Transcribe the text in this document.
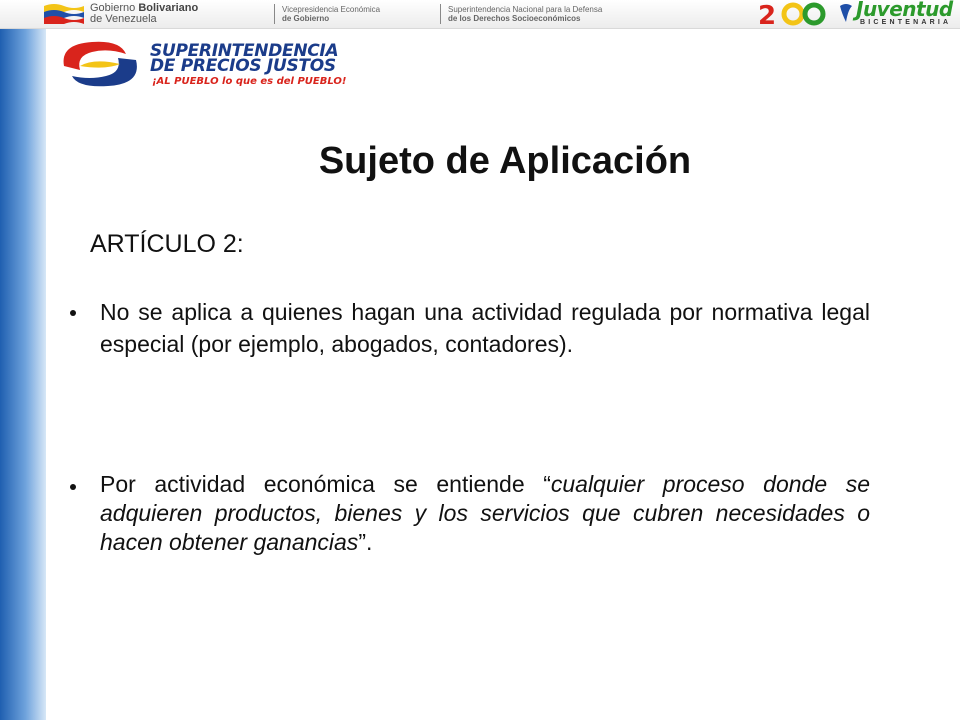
Gobierno Bolivariano
de Venezuela
Vicepresidencia Económica
de Gobierno
Superintendencia Nacional para la Defensa
de los Derechos Socioeconómicos	2	Juventud
BICENTENARIA
SUPERINTENDENCIA
DE PRECIOS JUSTOS
¡AL PUEBLO lo que es del PUEBLO!
Sujeto de Aplicación
ARTÍCULO 2:
No se aplica a quienes hagan una actividad regulada por normativa legal especial (por ejemplo, abogados, contadores).
Por actividad económica se entiende “cualquier proceso donde se adquieren productos, bienes y los servicios que cubren necesidades o hacen obtener ganancias”.
